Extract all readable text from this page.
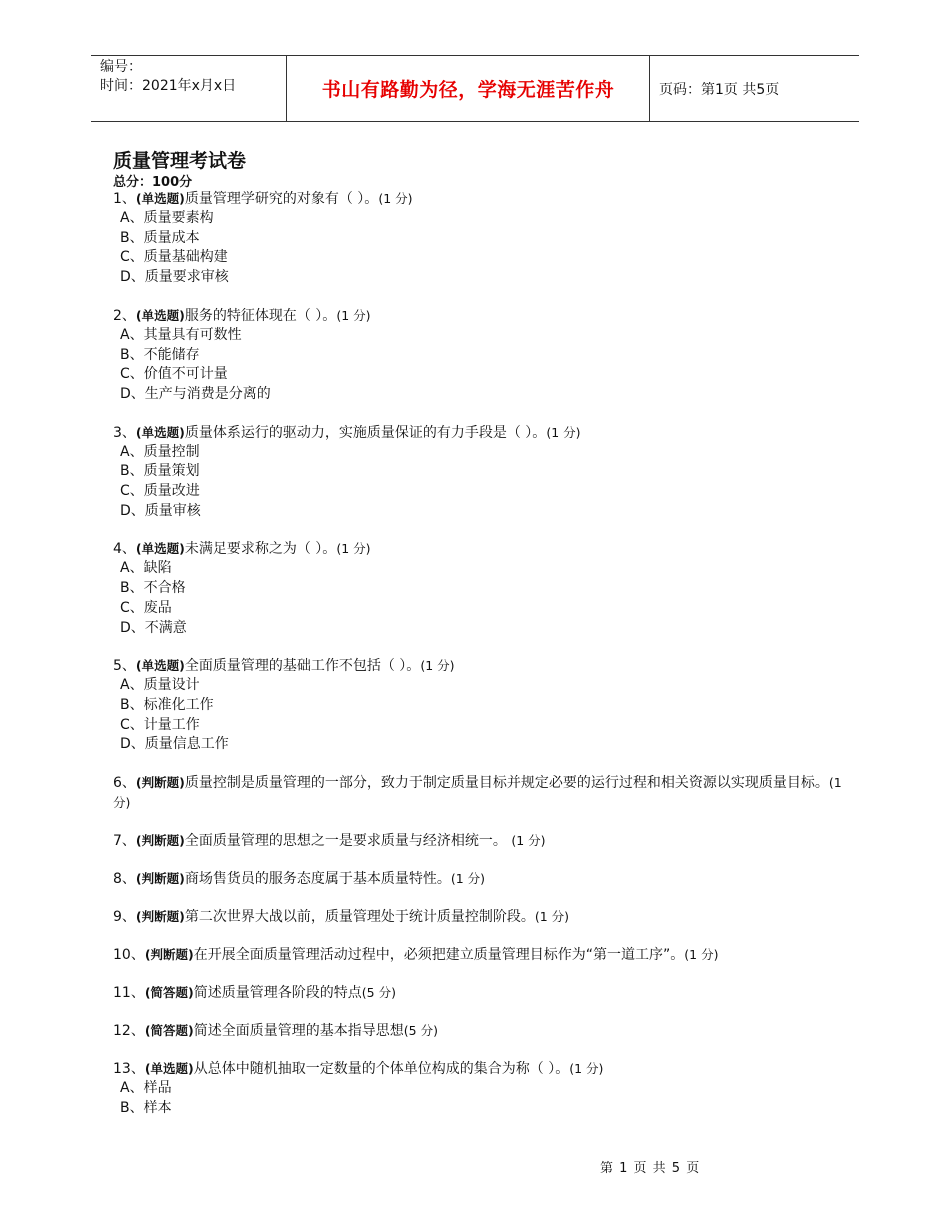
编号：
时间：2021年x月x日	书山有路勤为径，学海无涯苦作舟	页码：第1页 共5页
质量管理考试卷
总分：100分
1、(单选题)质量管理学研究的对象有（ ）。(1 分)
A、质量要素构
B、质量成本
C、质量基础构建
D、质量要求审核
2、(单选题)服务的特征体现在（ ）。(1 分)
A、其量具有可数性
B、不能储存
C、价值不可计量
D、生产与消费是分离的
3、(单选题)质量体系运行的驱动力，实施质量保证的有力手段是（ ）。(1 分)
A、质量控制
B、质量策划
C、质量改进
D、质量审核
4、(单选题)未满足要求称之为（ ）。(1 分)
A、缺陷
B、不合格
C、废品
D、不满意
5、(单选题)全面质量管理的基础工作不包括（ ）。(1 分)
A、质量设计
B、标准化工作
C、计量工作
D、质量信息工作
6、(判断题)质量控制是质量管理的一部分，致力于制定质量目标并规定必要的运行过程和相关资源以实现质量目标。(1 分)
7、(判断题)全面质量管理的思想之一是要求质量与经济相统一。 (1 分)
8、(判断题)商场售货员的服务态度属于基本质量特性。(1 分)
9、(判断题)第二次世界大战以前，质量管理处于统计质量控制阶段。(1 分)
10、(判断题)在开展全面质量管理活动过程中，必须把建立质量管理目标作为“第一道工序”。(1 分)
11、(简答题)简述质量管理各阶段的特点(5 分)
12、(简答题)简述全面质量管理的基本指导思想(5 分)
13、(单选题)从总体中随机抽取一定数量的个体单位构成的集合为称（ ）。(1 分)
A、样品
B、样本
第 1 页 共 5 页
